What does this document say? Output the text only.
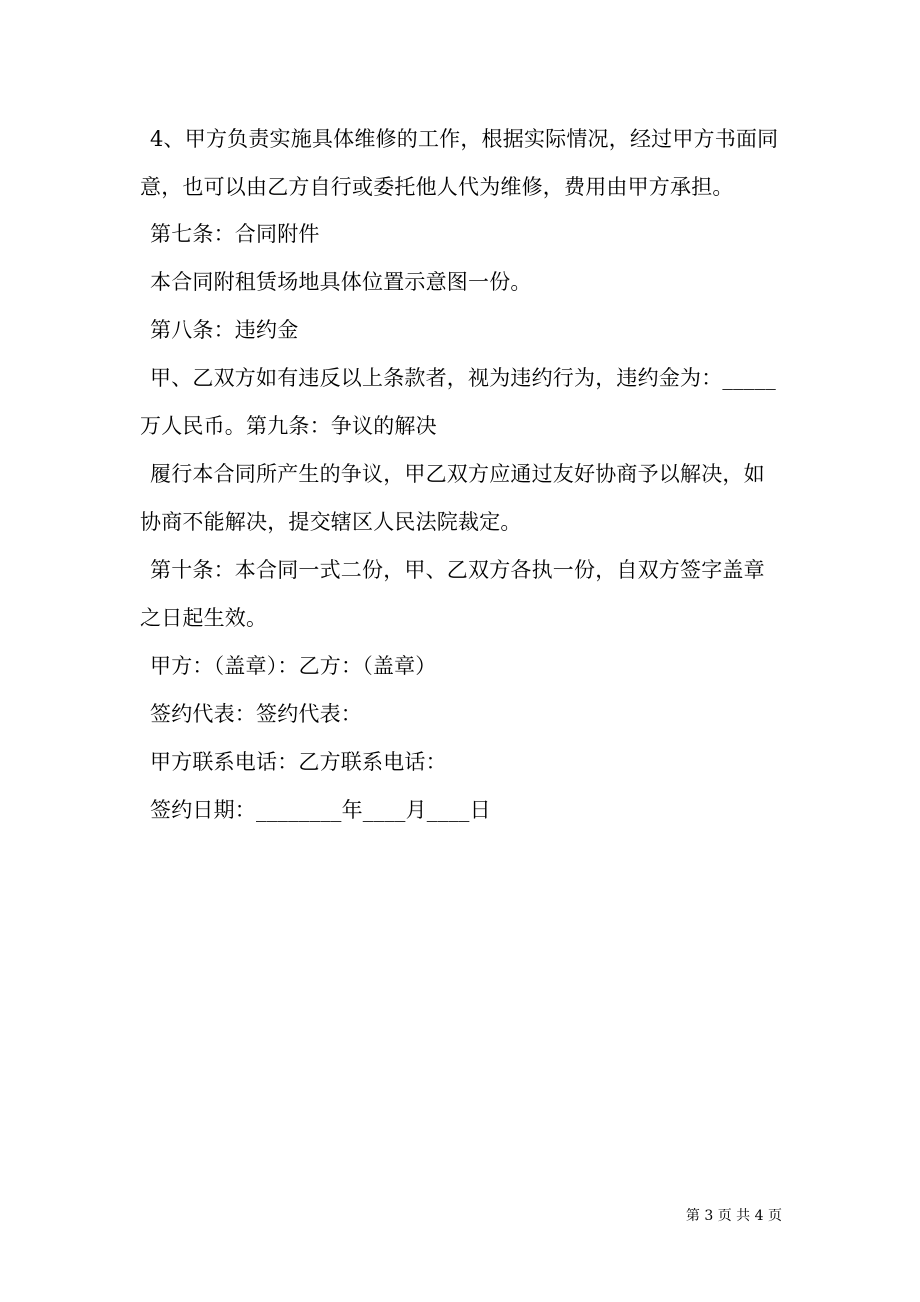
4、甲方负责实施具体维修的工作，根据实际情况，经过甲方书面同
意，也可以由乙方自行或委托他人代为维修，费用由甲方承担。
第七条：合同附件
本合同附租赁场地具体位置示意图一份。
第八条：违约金
甲、乙双方如有违反以上条款者，视为违约行为，违约金为：_____
万人民币。第九条：争议的解决
履行本合同所产生的争议，甲乙双方应通过友好协商予以解决，如
协商不能解决，提交辖区人民法院裁定。
第十条：本合同一式二份，甲、乙双方各执一份，自双方签字盖章
之日起生效。
甲方：（盖章）：乙方：（盖章）
签约代表：签约代表：
甲方联系电话：乙方联系电话：
签约日期：________年____月____日
第 3 页 共 4 页
